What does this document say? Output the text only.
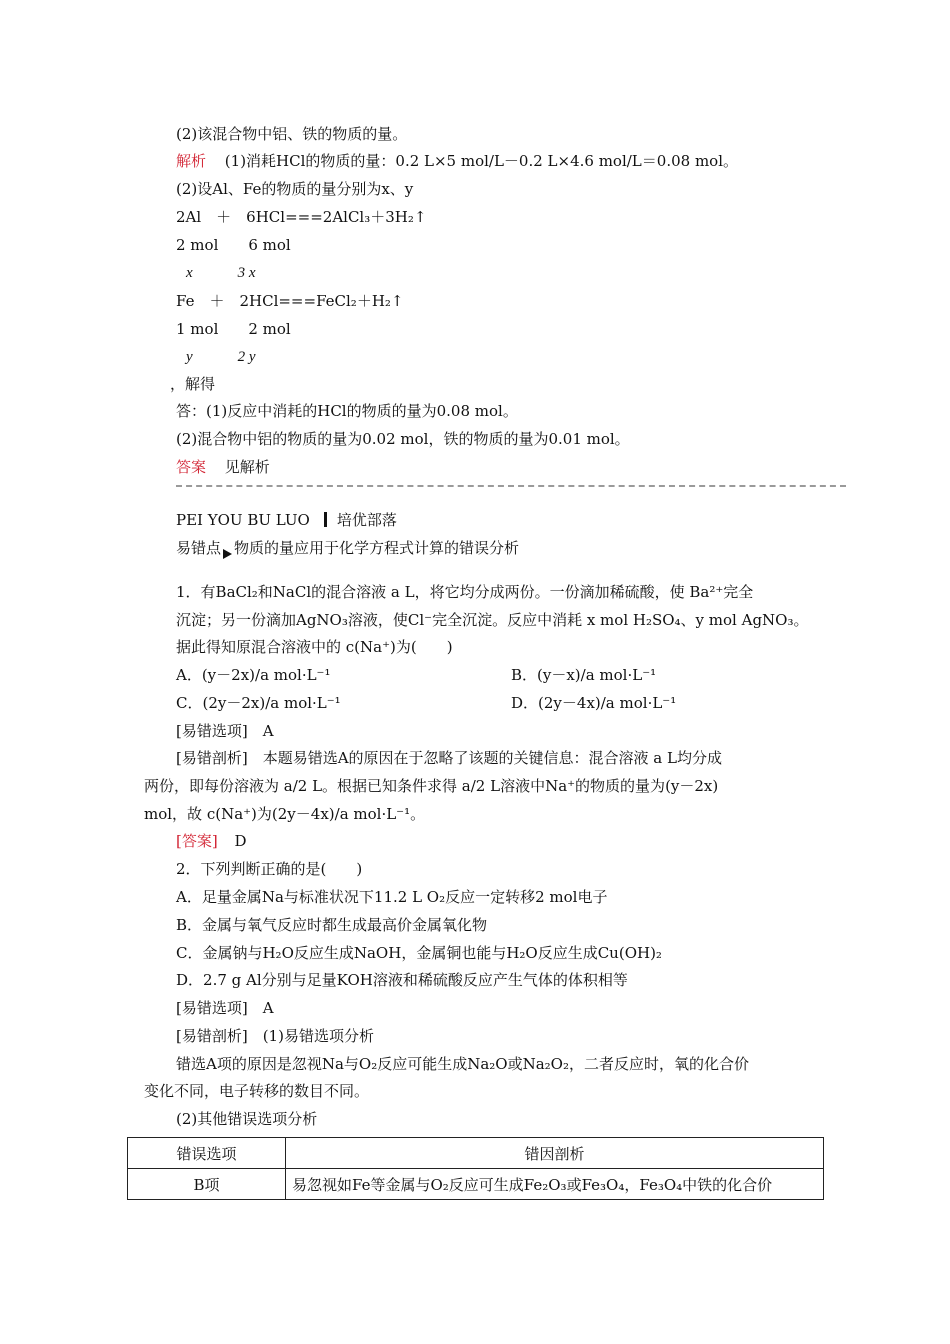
(2)该混合物中铝、铁的物质的量。
解析 (1)消耗HCl的物质的量：0.2 L×5 mol/L－0.2 L×4.6 mol/L＝0.08 mol。
(2)设Al、Fe的物质的量分别为x、y
2Al　＋　6HCl===2AlCl₃＋3H₂↑
2 mol　　6 mol
x　　　3 x
Fe　＋　2HCl===FeCl₂＋H₂↑
1 mol　　2 mol
y　　　2 y
，解得
答：(1)反应中消耗的HCl的物质的量为0.08 mol。
(2)混合物中铝的物质的量为0.02 mol，铁的物质的量为0.01 mol。
答案 见解析
PEI YOU BU LUO 培优部落
易错点 物质的量应用于化学方程式计算的错误分析
1．有BaCl₂和NaCl的混合溶液 a L，将它均分成两份。一份滴加稀硫酸，使 Ba²⁺完全
沉淀；另一份滴加AgNO₃溶液，使Cl⁻完全沉淀。反应中消耗 x mol H₂SO₄、y mol AgNO₃。
据此得知原混合溶液中的 c(Na⁺)为(　　)
A．(y－2x)/a mol·L⁻¹	B．(y－x)/a mol·L⁻¹
C．(2y－2x)/a mol·L⁻¹	D．(2y－4x)/a mol·L⁻¹
[易错选项]　A
[易错剖析]　本题易错选A的原因在于忽略了该题的关键信息：混合溶液 a L均分成
两份，即每份溶液为 a/2 L。根据已知条件求得 a/2 L溶液中Na⁺的物质的量为(y－2x)
mol，故 c(Na⁺)为(2y－4x)/a mol·L⁻¹。
[答案] D
2．下列判断正确的是(　　)
A．足量金属Na与标准状况下11.2 L O₂反应一定转移2 mol电子
B．金属与氧气反应时都生成最高价金属氧化物
C．金属钠与H₂O反应生成NaOH，金属铜也能与H₂O反应生成Cu(OH)₂
D．2.7 g Al分别与足量KOH溶液和稀硫酸反应产生气体的体积相等
[易错选项]　A
[易错剖析]　(1)易错选项分析
错选A项的原因是忽视Na与O₂反应可能生成Na₂O或Na₂O₂，二者反应时，氧的化合价
变化不同，电子转移的数目不同。
(2)其他错误选项分析
错误选项	错因剖析
B项	易忽视如Fe等金属与O₂反应可生成Fe₂O₃或Fe₃O₄，Fe₃O₄中铁的化合价
